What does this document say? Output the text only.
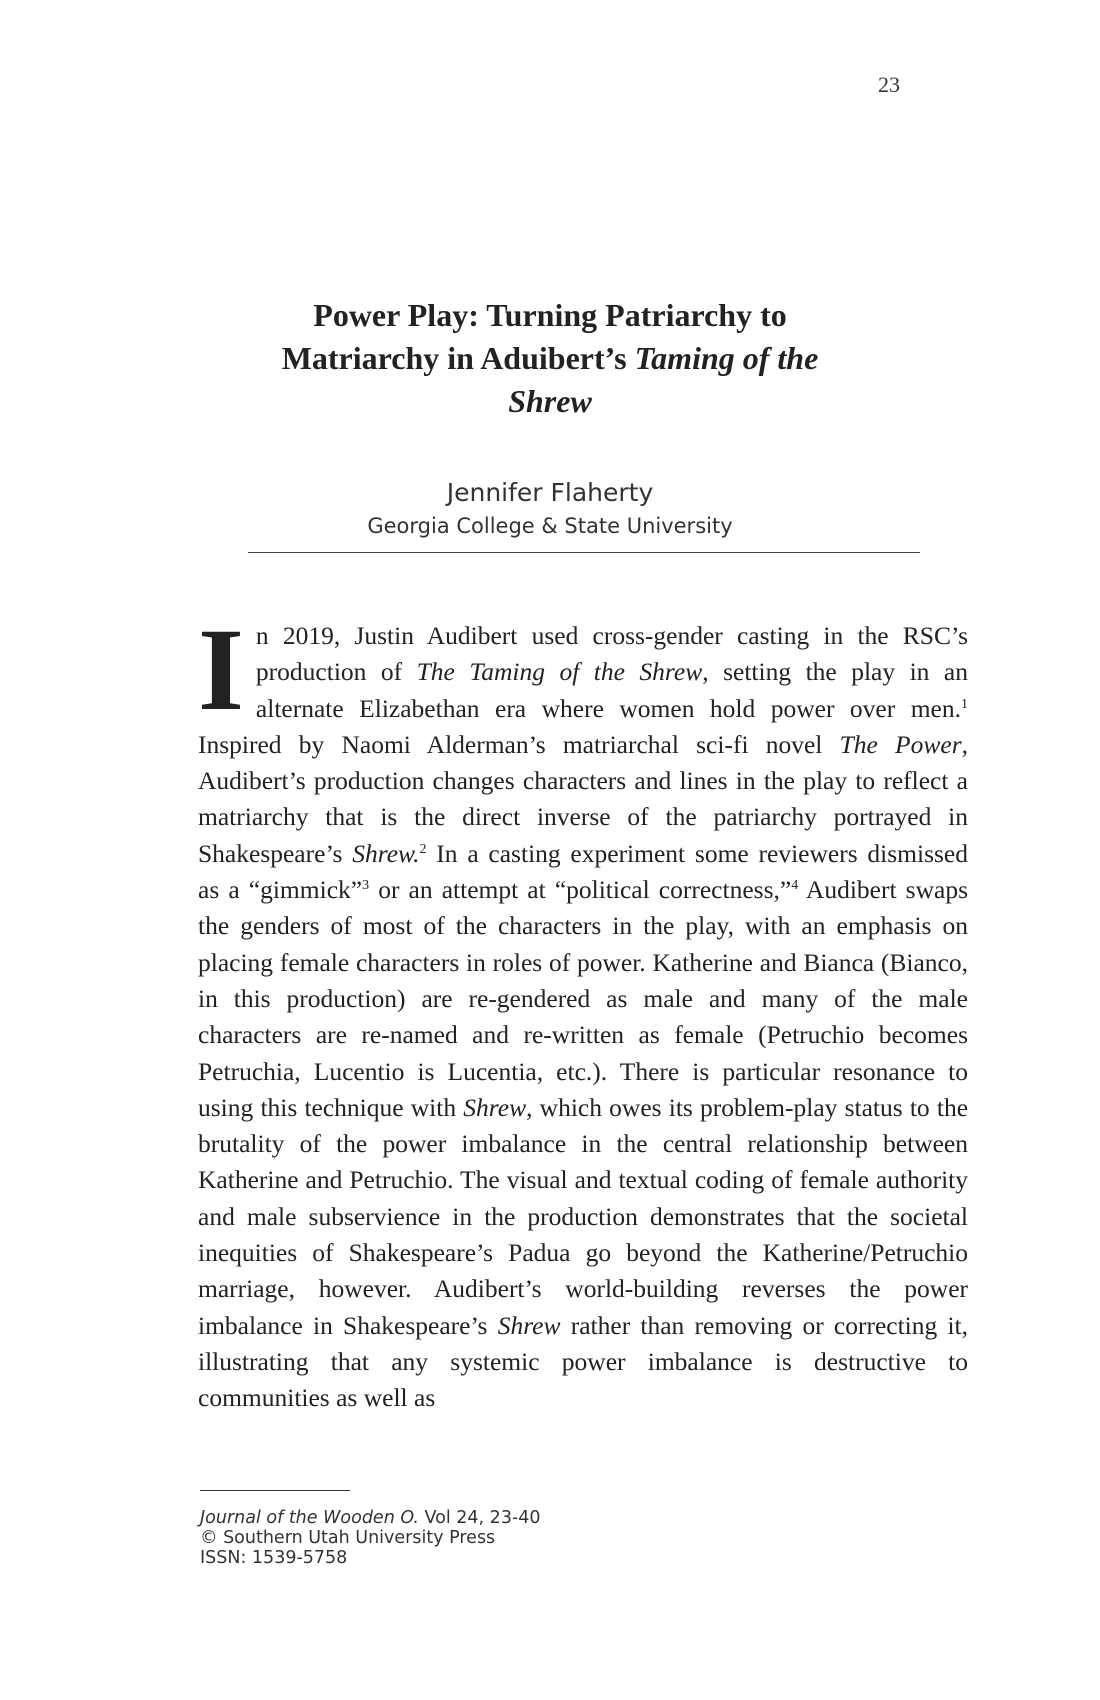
23
Power Play: Turning Patriarchy to
Matriarchy in Aduibert’s Taming of the
Shrew
Jennifer Flaherty
Georgia College & State University
I n 2019, Justin Audibert used cross-gender casting in the RSC’s production of The Taming of the Shrew, setting the play in an alternate Elizabethan era where women hold power over men.$^1$ Inspired by Naomi Alderman’s matriarchal sci-fi novel The Power, Audibert’s production changes characters and lines in the play to reflect a matriarchy that is the direct inverse of the patriarchy portrayed in Shakespeare’s Shrew.$^2$ In a casting experiment some reviewers dismissed as a “gimmick”$^3$ or an attempt at “political correctness,”$^4$ Audibert swaps the genders of most of the characters in the play, with an emphasis on placing female characters in roles of power. Katherine and Bianca (Bianco, in this production) are re-gendered as male and many of the male characters are re-named and re-written as female (Petruchio becomes Petruchia, Lucentio is Lucentia, etc.). There is particular resonance to using this technique with Shrew, which owes its problem-play status to the brutality of the power imbalance in the central relationship between Katherine and Petruchio. The visual and textual coding of female authority and male subservience in the production demonstrates that the societal inequities of Shakespeare’s Padua go beyond the Katherine/Petruchio marriage, however. Audibert’s world-building reverses the power imbalance in Shakespeare’s Shrew rather than removing or correcting it, illustrating that any systemic power imbalance is destructive to communities as well as
Journal of the Wooden O. Vol 24, 23-40
© Southern Utah University Press
ISSN: 1539-5758
